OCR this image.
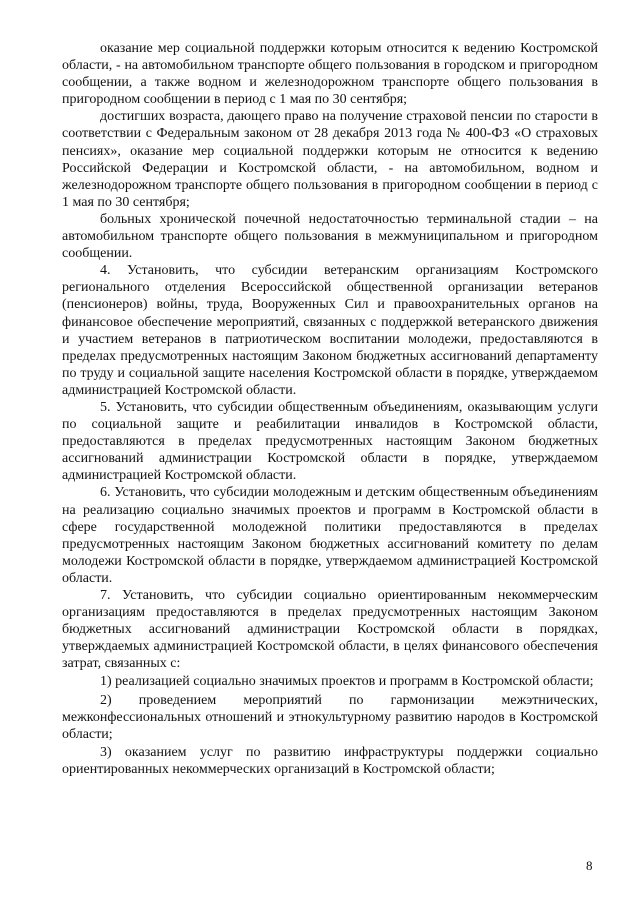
оказание мер социальной поддержки которым относится к ведению Костромской области, - на автомобильном транспорте общего пользования в городском и пригородном сообщении, а также водном и железнодорожном транспорте общего пользования в пригородном сообщении в период с 1 мая по 30 сентября;

достигших возраста, дающего право на получение страховой пенсии по старости в соответствии с Федеральным законом от 28 декабря 2013 года № 400-ФЗ «О страховых пенсиях», оказание мер социальной поддержки которым не относится к ведению Российской Федерации и Костромской области, - на автомобильном, водном и железнодорожном транспорте общего пользования в пригородном сообщении в период с 1 мая по 30 сентября;

больных хронической почечной недостаточностью терминальной стадии – на автомобильном транспорте общего пользования в межмуниципальном и пригородном сообщении.

4. Установить, что субсидии ветеранским организациям Костромского регионального отделения Всероссийской общественной организации ветеранов (пенсионеров) войны, труда, Вооруженных Сил и правоохранительных органов на финансовое обеспечение мероприятий, связанных с поддержкой ветеранского движения и участием ветеранов в патриотическом воспитании молодежи, предоставляются в пределах предусмотренных настоящим Законом бюджетных ассигнований департаменту по труду и социальной защите населения Костромской области в порядке, утверждаемом администрацией Костромской области.

5. Установить, что субсидии общественным объединениям, оказывающим услуги по социальной защите и реабилитации инвалидов в Костромской области, предоставляются в пределах предусмотренных настоящим Законом бюджетных ассигнований администрации Костромской области в порядке, утверждаемом администрацией Костромской области.

6. Установить, что субсидии молодежным и детским общественным объединениям на реализацию социально значимых проектов и программ в Костромской области в сфере государственной молодежной политики предоставляются в пределах предусмотренных настоящим Законом бюджетных ассигнований комитету по делам молодежи Костромской области в порядке, утверждаемом администрацией Костромской области.

7. Установить, что субсидии социально ориентированным некоммерческим организациям предоставляются в пределах предусмотренных настоящим Законом бюджетных ассигнований администрации Костромской области в порядках, утверждаемых администрацией Костромской области, в целях финансового обеспечения затрат, связанных с:

1) реализацией социально значимых проектов и программ в Костромской области;

2) проведением мероприятий по гармонизации межэтнических, межконфессиональных отношений и этнокультурному развитию народов в Костромской области;

3) оказанием услуг по развитию инфраструктуры поддержки социально ориентированных некоммерческих организаций в Костромской области;

8
